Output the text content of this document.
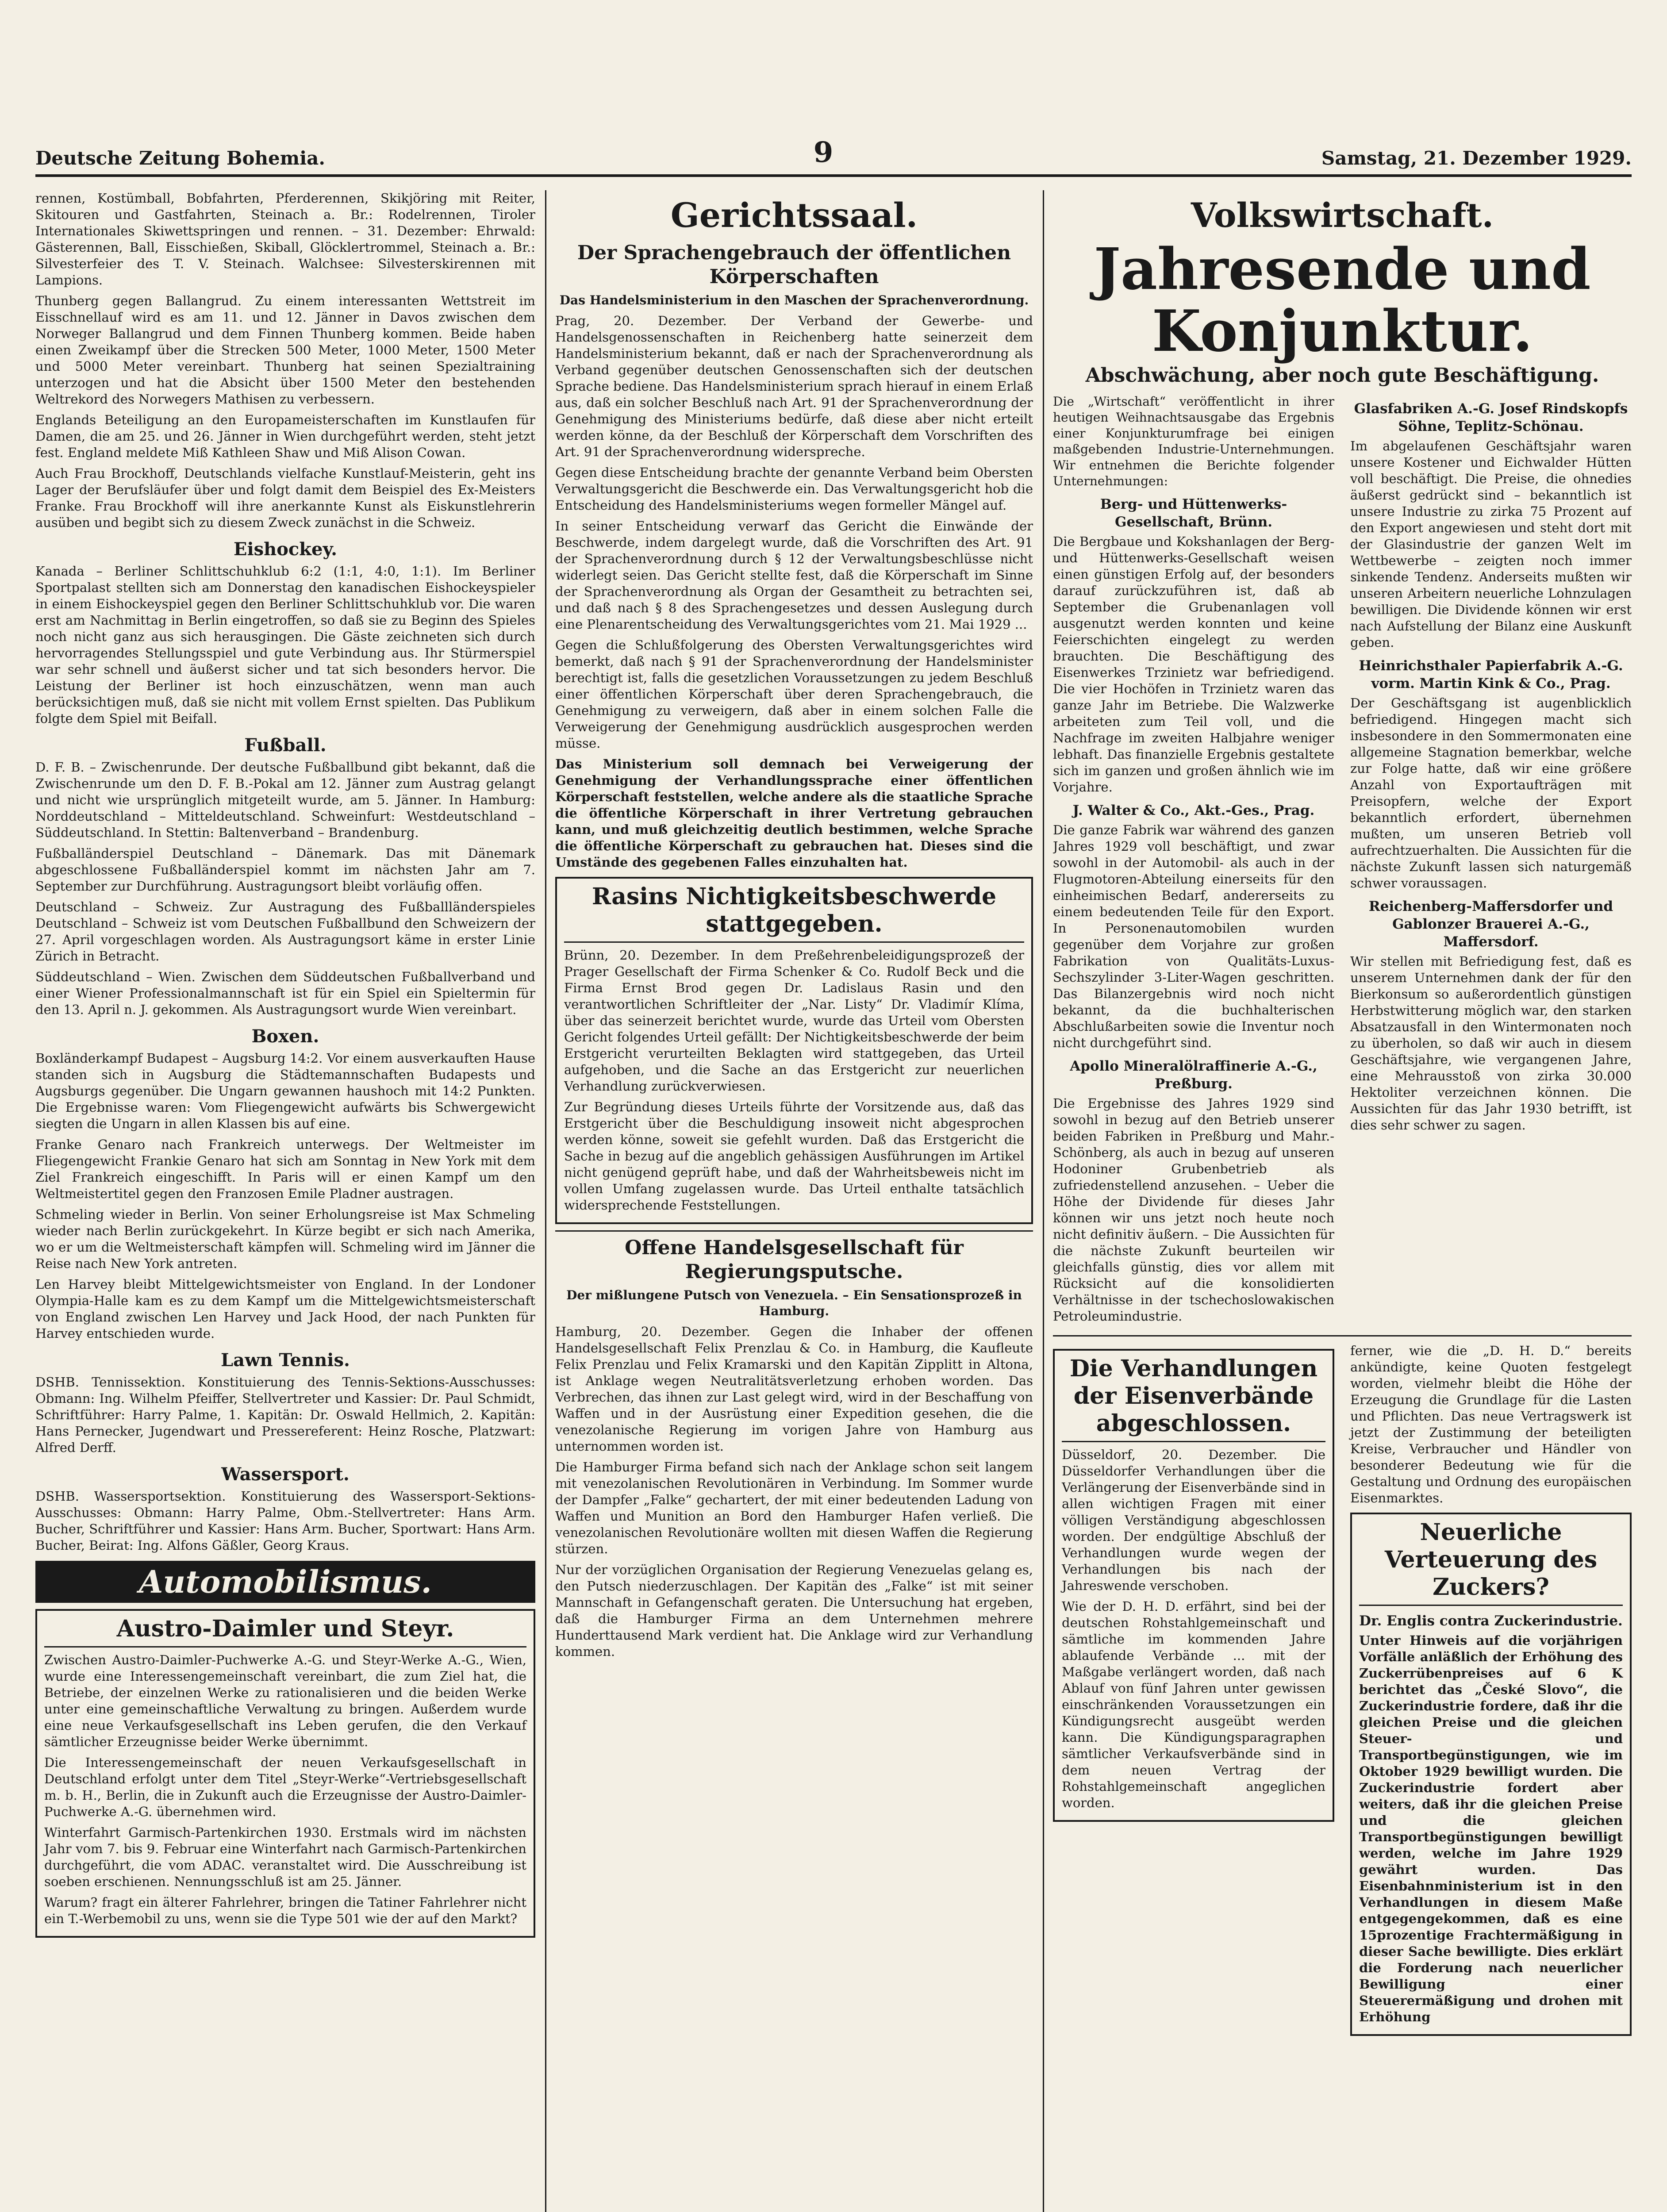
Deutsche Zeitung Bohemia.	9	Samstag, 21. Dezember 1929.

rennen, Kostümball, Bobfahrten, Pferderennen, Skikjöring mit Reiter, Skitouren und Gastfahrten, Steinach a. Br.: Rodelrennen, Tiroler Internationales Skiwettspringen und rennen. – 31. Dezember: Ehrwald: Gästerennen, Ball, Eisschießen, Skiball, Glöcklertrommel, Steinach a. Br.: Silvesterfeier des T. V. Steinach. Walchsee: Silvesterskirennen mit Lampions.

Thunberg gegen Ballangrud. Zu einem interessanten Wettstreit im Eisschnellauf wird es am 11. und 12. Jänner in Davos zwischen dem Norweger Ballangrud und dem Finnen Thunberg kommen. Beide haben einen Zweikampf über die Strecken 500 Meter, 1000 Meter, 1500 Meter und 5000 Meter vereinbart. Thunberg hat seinen Spezialtraining unterzogen und hat die Absicht über 1500 Meter den bestehenden Weltrekord des Norwegers Mathisen zu verbessern.

Englands Beteiligung an den Europameisterschaften im Kunstlaufen für Damen, die am 25. und 26. Jänner in Wien durchgeführt werden, steht jetzt fest. England meldete Miß Kathleen Shaw und Miß Alison Cowan.

Auch Frau Brockhoff, Deutschlands vielfache Kunstlauf-Meisterin, geht ins Lager der Berufsläufer über und folgt damit dem Beispiel des Ex-Meisters Franke. Frau Brockhoff will ihre anerkannte Kunst als Eiskunstlehrerin ausüben und begibt sich zu diesem Zweck zunächst in die Schweiz.

Eishockey.

Kanada – Berliner Schlittschuhklub 6:2 (1:1, 4:0, 1:1). Im Berliner Sportpalast stellten sich am Donnerstag den kanadischen Eishockeyspieler in einem Eishockeyspiel gegen den Berliner Schlittschuhklub vor. Die waren erst am Nachmittag in Berlin eingetroffen, so daß sie zu Beginn des Spieles noch nicht ganz aus sich herausgingen. Die Gäste zeichneten sich durch hervorragendes Stellungsspiel und gute Verbindung aus. Ihr Stürmerspiel war sehr schnell und äußerst sicher und tat sich besonders hervor. Die Leistung der Berliner ist hoch einzuschätzen, wenn man auch berücksichtigen muß, daß sie nicht mit vollem Ernst spielten. Das Publikum folgte dem Spiel mit Beifall.

Fußball.

D. F. B. – Zwischenrunde. Der deutsche Fußballbund gibt bekannt, daß die Zwischenrunde um den D. F. B.-Pokal am 12. Jänner zum Austrag gelangt und nicht wie ursprünglich mitgeteilt wurde, am 5. Jänner. In Hamburg: Norddeutschland – Mitteldeutschland. Schweinfurt: Westdeutschland – Süddeutschland. In Stettin: Baltenverband – Brandenburg.

Fußballänderspiel Deutschland – Dänemark. Das mit Dänemark abgeschlossene Fußballänderspiel kommt im nächsten Jahr am 7. September zur Durchführung. Austragungsort bleibt vorläufig offen.

Deutschland – Schweiz. Zur Austragung des Fußballländerspieles Deutschland – Schweiz ist vom Deutschen Fußballbund den Schweizern der 27. April vorgeschlagen worden. Als Austragungsort käme in erster Linie Zürich in Betracht.

Süddeutschland – Wien. Zwischen dem Süddeutschen Fußballverband und einer Wiener Professionalmannschaft ist für ein Spiel ein Spieltermin für den 13. April n. J. gekommen. Als Austragungsort wurde Wien vereinbart.

Boxen.

Boxländerkampf Budapest – Augsburg 14:2. Vor einem ausverkauften Hause standen sich in Augsburg die Städtemannschaften Budapests und Augsburgs gegenüber. Die Ungarn gewannen haushoch mit 14:2 Punkten. Die Ergebnisse waren: Vom Fliegengewicht aufwärts bis Schwergewicht siegten die Ungarn in allen Klassen bis auf eine.

Franke Genaro nach Frankreich unterwegs. Der Weltmeister im Fliegengewicht Frankie Genaro hat sich am Sonntag in New York mit dem Ziel Frankreich eingeschifft. In Paris will er einen Kampf um den Weltmeistertitel gegen den Franzosen Emile Pladner austragen.

Schmeling wieder in Berlin. Von seiner Erholungsreise ist Max Schmeling wieder nach Berlin zurückgekehrt. In Kürze begibt er sich nach Amerika, wo er um die Weltmeisterschaft kämpfen will. Schmeling wird im Jänner die Reise nach New York antreten.

Len Harvey bleibt Mittelgewichtsmeister von England. In der Londoner Olympia-Halle kam es zu dem Kampf um die Mittelgewichtsmeisterschaft von England zwischen Len Harvey und Jack Hood, der nach Punkten für Harvey entschieden wurde.

Lawn Tennis.

DSHB. Tennissektion. Konstituierung des Tennis-Sektions-Ausschusses: Obmann: Ing. Wilhelm Pfeiffer, Stellvertreter und Kassier: Dr. Paul Schmidt, Schriftführer: Harry Palme, 1. Kapitän: Dr. Oswald Hellmich, 2. Kapitän: Hans Pernecker, Jugendwart und Pressereferent: Heinz Rosche, Platzwart: Alfred Derff.

Wassersport.

DSHB. Wassersportsektion. Konstituierung des Wassersport-Sektions-Ausschusses: Obmann: Harry Palme, Obm.-Stellvertreter: Hans Arm. Bucher, Schriftführer und Kassier: Hans Arm. Bucher, Sportwart: Hans Arm. Bucher, Beirat: Ing. Alfons Gäßler, Georg Kraus.

Automobilismus.
Austro-Daimler und Steyr.

Zwischen Austro-Daimler-Puchwerke A.-G. und Steyr-Werke A.-G., Wien, wurde eine Interessengemeinschaft vereinbart, die zum Ziel hat, die Betriebe, der einzelnen Werke zu rationalisieren und die beiden Werke unter eine gemeinschaftliche Verwaltung zu bringen. Außerdem wurde eine neue Verkaufsgesellschaft ins Leben gerufen, die den Verkauf sämtlicher Erzeugnisse beider Werke übernimmt.

Die Interessengemeinschaft der neuen Verkaufsgesellschaft in Deutschland erfolgt unter dem Titel „Steyr-Werke“-Vertriebsgesellschaft m. b. H., Berlin, die in Zukunft auch die Erzeugnisse der Austro-Daimler-Puchwerke A.-G. übernehmen wird.

Winterfahrt Garmisch-Partenkirchen 1930. Erstmals wird im nächsten Jahr vom 7. bis 9. Februar eine Winterfahrt nach Garmisch-Partenkirchen durchgeführt, die vom ADAC. veranstaltet wird. Die Ausschreibung ist soeben erschienen. Nennungsschluß ist am 25. Jänner.

Warum? fragt ein älterer Fahrlehrer, bringen die Tatiner Fahrlehrer nicht ein T.-Werbemobil zu uns, wenn sie die Type 501 wie der auf den Markt?

Gerichtssaal.
Der Sprachengebrauch der öffentlichen Körperschaften

Das Handelsministerium in den Maschen der Sprachenverordnung.

Prag, 20. Dezember. Der Verband der Gewerbe- und Handelsgenossenschaften in Reichenberg hatte seinerzeit dem Handelsministerium bekannt, daß er nach der Sprachenverordnung als Verband gegenüber deutschen Genossenschaften sich der deutschen Sprache bediene. Das Handelsministerium sprach hierauf in einem Erlaß aus, daß ein solcher Beschluß nach Art. 91 der Sprachenverordnung der Genehmigung des Ministeriums bedürfe, daß diese aber nicht erteilt werden könne, da der Beschluß der Körperschaft dem Vorschriften des Art. 91 der Sprachenverordnung widerspreche.

Gegen diese Entscheidung brachte der genannte Verband beim Obersten Verwaltungsgericht die Beschwerde ein. Das Verwaltungsgericht hob die Entscheidung des Handelsministeriums wegen formeller Mängel auf.

In seiner Entscheidung verwarf das Gericht die Einwände der Beschwerde, indem dargelegt wurde, daß die Vorschriften des Art. 91 der Sprachenverordnung durch § 12 der Verwaltungsbeschlüsse nicht widerlegt seien. Das Gericht stellte fest, daß die Körperschaft im Sinne der Sprachenverordnung als Organ der Gesamtheit zu betrachten sei, und daß nach § 8 des Sprachengesetzes und dessen Auslegung durch eine Plenarentscheidung des Verwaltungsgerichtes vom 21. Mai 1929 ...

Gegen die Schlußfolgerung des Obersten Verwaltungsgerichtes wird bemerkt, daß nach § 91 der Sprachenverordnung der Handelsminister berechtigt ist, falls die gesetzlichen Voraussetzungen zu jedem Beschluß einer öffentlichen Körperschaft über deren Sprachengebrauch, die Genehmigung zu verweigern, daß aber in einem solchen Falle die Verweigerung der Genehmigung ausdrücklich ausgesprochen werden müsse.

Das Ministerium soll demnach bei Verweigerung der Genehmigung der Verhandlungssprache einer öffentlichen Körperschaft feststellen, welche andere als die staatliche Sprache die öffentliche Körperschaft in ihrer Vertretung gebrauchen kann, und muß gleichzeitig deutlich bestimmen, welche Sprache die öffentliche Körperschaft zu gebrauchen hat. Dieses sind die Umstände des gegebenen Falles einzuhalten hat.

Rasins Nichtigkeitsbeschwerde stattgegeben.

Brünn, 20. Dezember. In dem Preßehrenbeleidigungsprozeß der Prager Gesellschaft der Firma Schenker & Co. Rudolf Beck und die Firma Ernst Brod gegen Dr. Ladislaus Rasin und den verantwortlichen Schriftleiter der „Nar. Listy“ Dr. Vladimír Klíma, über das seinerzeit berichtet wurde, wurde das Urteil vom Obersten Gericht folgendes Urteil gefällt: Der Nichtigkeitsbeschwerde der beim Erstgericht verurteilten Beklagten wird stattgegeben, das Urteil aufgehoben, und die Sache an das Erstgericht zur neuerlichen Verhandlung zurückverwiesen.

Zur Begründung dieses Urteils führte der Vorsitzende aus, daß das Erstgericht über die Beschuldigung insoweit nicht abgesprochen werden könne, soweit sie gefehlt wurden. Daß das Erstgericht die Sache in bezug auf die angeblich gehässigen Ausführungen im Artikel nicht genügend geprüft habe, und daß der Wahrheitsbeweis nicht im vollen Umfang zugelassen wurde. Das Urteil enthalte tatsächlich widersprechende Feststellungen.

Offene Handelsgesellschaft für Regierungsputsche.

Der mißlungene Putsch von Venezuela. – Ein Sensationsprozeß in Hamburg.

Hamburg, 20. Dezember. Gegen die Inhaber der offenen Handelsgesellschaft Felix Prenzlau & Co. in Hamburg, die Kaufleute Felix Prenzlau und Felix Kramarski und den Kapitän Zipplitt in Altona, ist Anklage wegen Neutralitätsverletzung erhoben worden. Das Verbrechen, das ihnen zur Last gelegt wird, wird in der Beschaffung von Waffen und in der Ausrüstung einer Expedition gesehen, die die venezolanische Regierung im vorigen Jahre von Hamburg aus unternommen worden ist.

Die Hamburger Firma befand sich nach der Anklage schon seit langem mit venezolanischen Revolutionären in Verbindung. Im Sommer wurde der Dampfer „Falke“ gechartert, der mit einer bedeutenden Ladung von Waffen und Munition an Bord den Hamburger Hafen verließ. Die venezolanischen Revolutionäre wollten mit diesen Waffen die Regierung stürzen.

Nur der vorzüglichen Organisation der Regierung Venezuelas gelang es, den Putsch niederzuschlagen. Der Kapitän des „Falke“ ist mit seiner Mannschaft in Gefangenschaft geraten. Die Untersuchung hat ergeben, daß die Hamburger Firma an dem Unternehmen mehrere Hunderttausend Mark verdient hat. Die Anklage wird zur Verhandlung kommen.

Volkswirtschaft.
Jahresende und Konjunktur.
Abschwächung, aber noch gute Beschäftigung.

Die „Wirtschaft“ veröffentlicht in ihrer heutigen Weihnachtsausgabe das Ergebnis einer Konjunkturumfrage bei einigen maßgebenden Industrie-Unternehmungen. Wir entnehmen die Berichte folgender Unternehmungen:

Berg- und Hüttenwerks-Gesellschaft, Brünn.

Die Bergbaue und Kokshanlagen der Berg- und Hüttenwerks-Gesellschaft weisen einen günstigen Erfolg auf, der besonders darauf zurückzuführen ist, daß ab September die Grubenanlagen voll ausgenutzt werden konnten und keine Feierschichten eingelegt zu werden brauchten. Die Beschäftigung des Eisenwerkes Trzinietz war befriedigend. Die vier Hochöfen in Trzinietz waren das ganze Jahr im Betriebe. Die Walzwerke arbeiteten zum Teil voll, und die Nachfrage im zweiten Halbjahre weniger lebhaft. Das finanzielle Ergebnis gestaltete sich im ganzen und großen ähnlich wie im Vorjahre.

J. Walter & Co., Akt.-Ges., Prag.

Die ganze Fabrik war während des ganzen Jahres 1929 voll beschäftigt, und zwar sowohl in der Automobil- als auch in der Flugmotoren-Abteilung einerseits für den einheimischen Bedarf, andererseits zu einem bedeutenden Teile für den Export. In Personenautomobilen wurden gegenüber dem Vorjahre zur großen Fabrikation von Qualitäts-Luxus-Sechszylinder 3-Liter-Wagen geschritten. Das Bilanzergebnis wird noch nicht bekannt, da die buchhalterischen Abschlußarbeiten sowie die Inventur noch nicht durchgeführt sind.

Apollo Mineralölraffinerie A.-G., Preßburg.

Die Ergebnisse des Jahres 1929 sind sowohl in bezug auf den Betrieb unserer beiden Fabriken in Preßburg und Mahr.-Schönberg, als auch in bezug auf unseren Hodoniner Grubenbetrieb als zufriedenstellend anzusehen. – Ueber die Höhe der Dividende für dieses Jahr können wir uns jetzt noch heute noch nicht definitiv äußern. – Die Aussichten für die nächste Zukunft beurteilen wir gleichfalls günstig, dies vor allem mit Rücksicht auf die konsolidierten Verhältnisse in der tschechoslowakischen Petroleumindustrie.

Glasfabriken A.-G. Josef Rindskopfs Söhne, Teplitz-Schönau.

Im abgelaufenen Geschäftsjahr waren unsere Kostener und Eichwalder Hütten voll beschäftigt. Die Preise, die ohnedies äußerst gedrückt sind – bekanntlich ist unsere Industrie zu zirka 75 Prozent auf den Export angewiesen und steht dort mit der Glasindustrie der ganzen Welt im Wettbewerbe – zeigten noch immer sinkende Tendenz. Anderseits mußten wir unseren Arbeitern neuerliche Lohnzulagen bewilligen. Die Dividende können wir erst nach Aufstellung der Bilanz eine Auskunft geben.

Heinrichsthaler Papierfabrik A.-G. vorm. Martin Kink & Co., Prag.

Der Geschäftsgang ist augenblicklich befriedigend. Hingegen macht sich insbesondere in den Sommermonaten eine allgemeine Stagnation bemerkbar, welche zur Folge hatte, daß wir eine größere Anzahl von Exportaufträgen mit Preisopfern, welche der Export bekanntlich erfordert, übernehmen mußten, um unseren Betrieb voll aufrechtzuerhalten. Die Aussichten für die nächste Zukunft lassen sich naturgemäß schwer voraussagen.

Reichenberg-Maffersdorfer und Gablonzer Brauerei A.-G., Maffersdorf.

Wir stellen mit Befriedigung fest, daß es unserem Unternehmen dank der für den Bierkonsum so außerordentlich günstigen Herbstwitterung möglich war, den starken Absatzausfall in den Wintermonaten noch zu überholen, so daß wir auch in diesem Geschäftsjahre, wie vergangenen Jahre, eine Mehrausstoß von zirka 30.000 Hektoliter verzeichnen können. Die Aussichten für das Jahr 1930 betrifft, ist dies sehr schwer zu sagen.

Die Verhandlungen der Eisenverbände abgeschlossen.

Düsseldorf, 20. Dezember. Die Düsseldorfer Verhandlungen über die Verlängerung der Eisenverbände sind in allen wichtigen Fragen mit einer völligen Verständigung abgeschlossen worden. Der endgültige Abschluß der Verhandlungen wurde wegen der Verhandlungen bis nach der Jahreswende verschoben.

Wie der D. H. D. erfährt, sind bei der deutschen Rohstahlgemeinschaft und sämtliche im kommenden Jahre ablaufende Verbände ... mit der Maßgabe verlängert worden, daß nach Ablauf von fünf Jahren unter gewissen einschränkenden Voraussetzungen ein Kündigungsrecht ausgeübt werden kann. Die Kündigungsparagraphen sämtlicher Verkaufsverbände sind in dem neuen Vertrag der Rohstahlgemeinschaft angeglichen worden.

ferner, wie die „D. H. D.“ bereits ankündigte, keine Quoten festgelegt worden, vielmehr bleibt die Höhe der Erzeugung die Grundlage für die Lasten und Pflichten. Das neue Vertragswerk ist jetzt der Zustimmung der beteiligten Kreise, Verbraucher und Händler von besonderer Bedeutung wie für die Gestaltung und Ordnung des europäischen Eisenmarktes.

Neuerliche Verteuerung des Zuckers?
Dr. Englis contra Zuckerindustrie.

Unter Hinweis auf die vorjährigen Vorfälle anläßlich der Erhöhung des Zuckerrübenpreises auf 6 K berichtet das „České Slovo“, die Zuckerindustrie fordere, daß ihr die gleichen Preise und die gleichen Steuer- und Transportbegünstigungen, wie im Oktober 1929 bewilligt wurden. Die Zuckerindustrie fordert aber weiters, daß ihr die gleichen Preise und die gleichen Transportbegünstigungen bewilligt werden, welche im Jahre 1929 gewährt wurden. Das Eisenbahnministerium ist in den Verhandlungen in diesem Maße entgegengekommen, daß es eine 15prozentige Frachtermäßigung in dieser Sache bewilligte. Dies erklärt die Forderung nach neuerlicher Bewilligung einer Steuerermäßigung und drohen mit Erhöhung
